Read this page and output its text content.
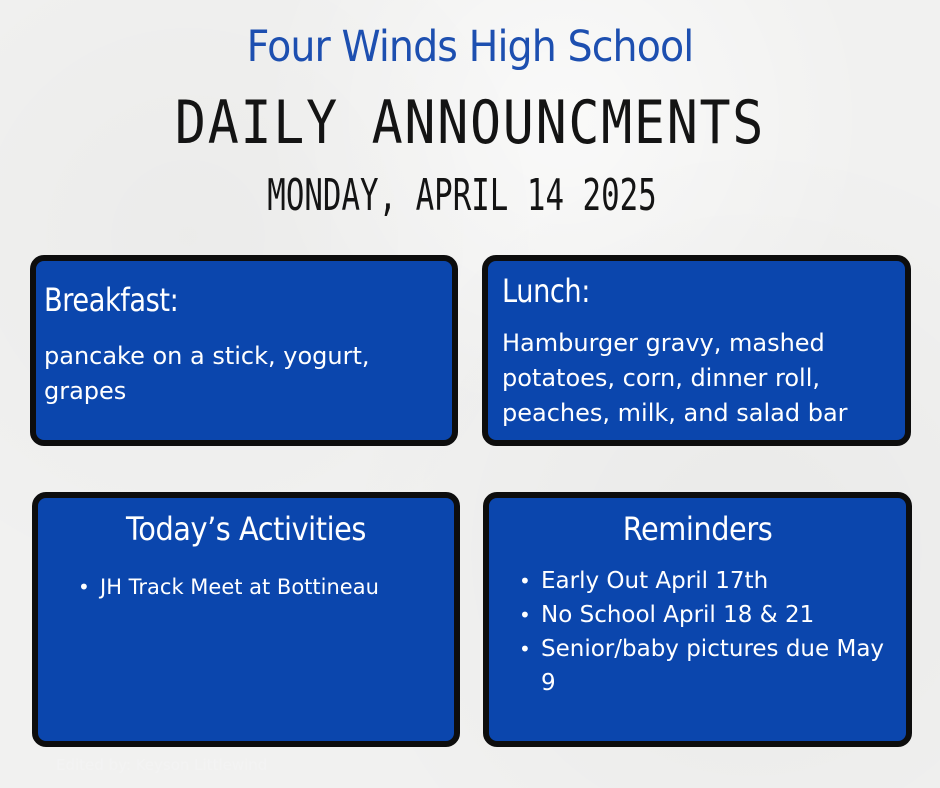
Four Winds High School
DAILY ANNOUNCMENTS
MONDAY, APRIL 14 2025
Breakfast:

pancake on a stick, yogurt, grapes

Lunch:

Hamburger gravy, mashed potatoes, corn, dinner roll, peaches, milk, and salad bar

Today’s Activities
• JH Track Meet at Bottineau
Reminders
• Early Out April 17th
• No School April 18 & 21
• Senior/baby pictures due May 9

Edited by: Keyson Littlewind
